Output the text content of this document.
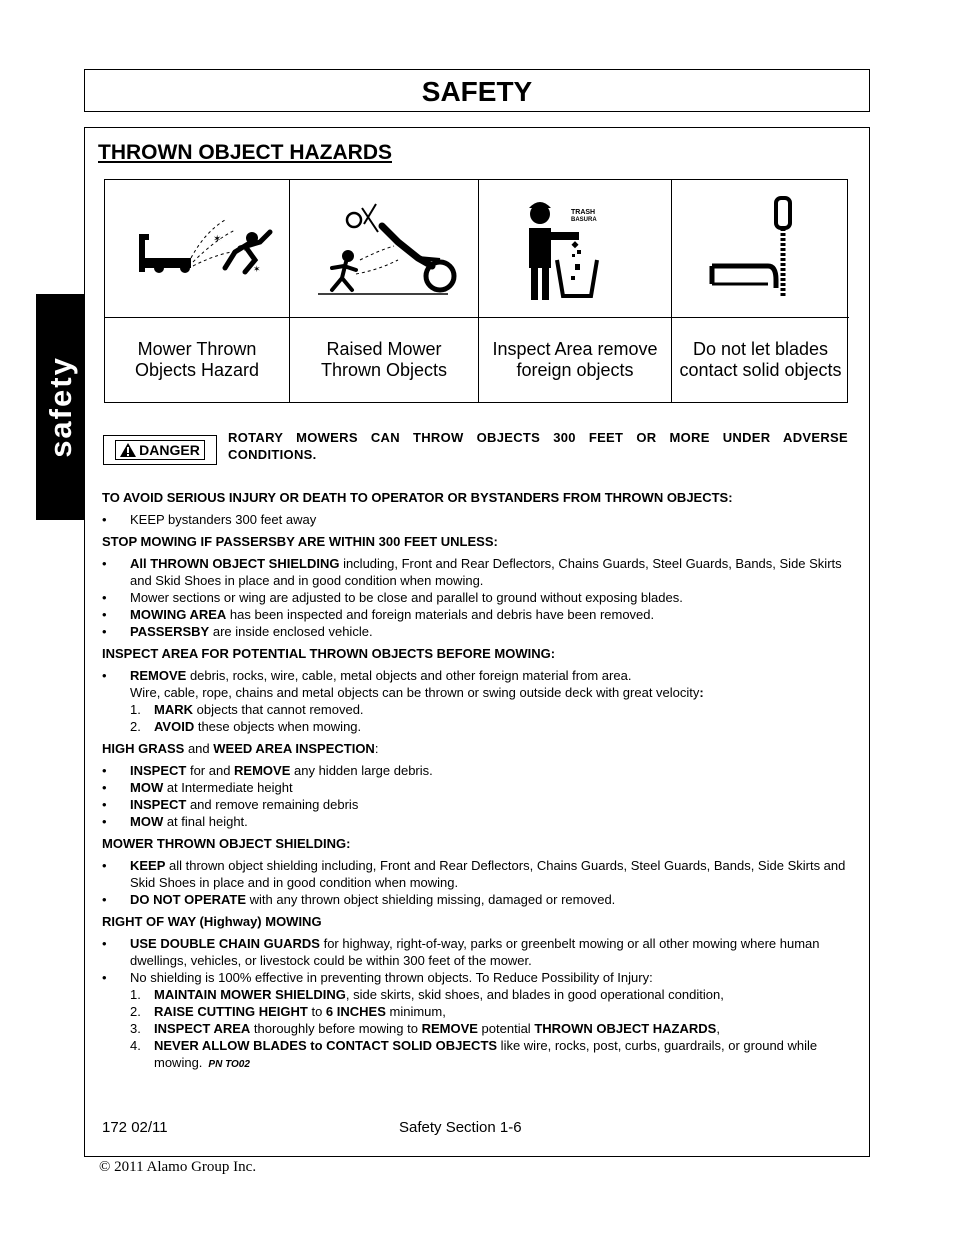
SAFETY
safety
THROWN OBJECT HAZARDS
✶
✶
Mower Thrown Objects Hazard
Raised Mower Thrown Objects
TRASH
BASURA
Inspect Area remove foreign objects
Do not let blades contact solid objects
DANGER
ROTARY MOWERS CAN THROW OBJECTS 300 FEET OR MORE UNDER ADVERSE CONDITIONS.
TO AVOID SERIOUS INJURY OR DEATH TO OPERATOR OR BYSTANDERS FROM THROWN OBJECTS:
• KEEP bystanders 300 feet away
STOP MOWING IF PASSERSBY ARE WITHIN 300 FEET UNLESS:
• All THROWN OBJECT SHIELDING including, Front and Rear Deflectors, Chains Guards, Steel Guards, Bands, Side Skirts and Skid Shoes in place and in good condition when mowing.
• Mower sections or wing are adjusted to be close and parallel to ground without exposing blades.
• MOWING AREA has been inspected and foreign materials and debris have been removed.
• PASSERSBY are inside enclosed vehicle.
INSPECT AREA FOR POTENTIAL THROWN OBJECTS BEFORE MOWING:
• REMOVE debris, rocks, wire, cable, metal objects and other foreign material from area.
Wire, cable, rope, chains and metal objects can be thrown or swing outside deck with great velocity:
1. MARK objects that cannot removed.
2. AVOID these objects when mowing.
HIGH GRASS and WEED AREA INSPECTION:
• INSPECT for and REMOVE any hidden large debris.
• MOW at Intermediate height
• INSPECT and remove remaining debris
• MOW at final height.
MOWER THROWN OBJECT SHIELDING:
• KEEP all thrown object shielding including, Front and Rear Deflectors, Chains Guards, Steel Guards, Bands, Side Skirts and Skid Shoes in place and in good condition when mowing.
• DO NOT OPERATE with any thrown object shielding missing, damaged or removed.
RIGHT OF WAY (Highway) MOWING
• USE DOUBLE CHAIN GUARDS for highway, right-of-way, parks or greenbelt mowing or all other mowing where human dwellings, vehicles, or livestock could be within 300 feet of the mower.
• No shielding is 100% effective in preventing thrown objects. To Reduce Possibility of Injury:
1. MAINTAIN MOWER SHIELDING, side skirts, skid shoes, and blades in good operational condition,
2. RAISE CUTTING HEIGHT to 6 INCHES minimum,
3. INSPECT AREA thoroughly before mowing to REMOVE potential THROWN OBJECT HAZARDS,
4. NEVER ALLOW BLADES to CONTACT SOLID OBJECTS like wire, rocks, post, curbs, guardrails, or ground while mowing. PN TO02
172 02/11	Safety Section 1-6
© 2011 Alamo Group Inc.
